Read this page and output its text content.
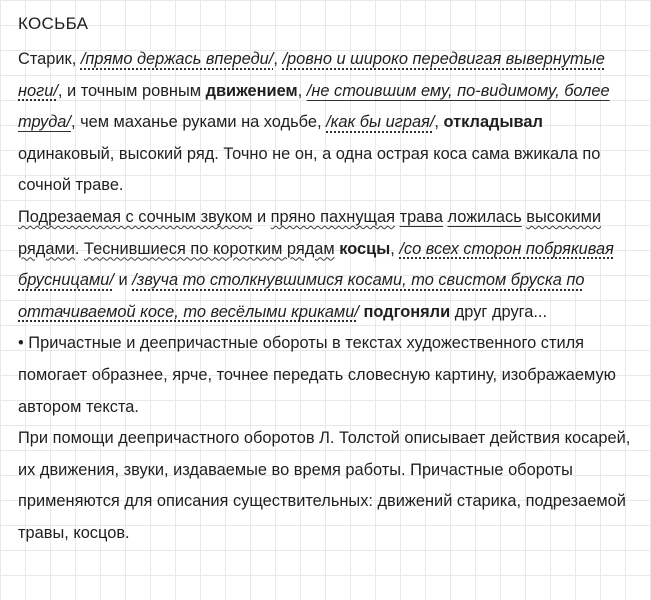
КОСЬБА

Старик, /прямо держась впереди/, /ровно и широко передвигая вывернутые ноги/, и точным ровным движением, /не стоившим ему, по-видимому, более труда/, чем маханье руками на ходьбе, /как бы играя/, откладывал одинаковый, высокий ряд. Точно не он, а одна острая коса сама вжикала по сочной траве.

Подрезаемая с сочным звуком и пряно пахнущая трава ложилась высокими рядами. Теснившиеся по коротким рядам косцы, /со всех сторон побрякивая брусницами/ и /звуча то столкнувшимися косами, то свистом бруска по оттачиваемой косе, то весёлыми криками/ подгоняли друг друга...

• Причастные и деепричастные обороты в текстах художественного стиля помогает образнее, ярче, точнее передать словесную картину, изображаемую автором текста.

При помощи деепричастного оборотов Л. Толстой описывает действия косарей, их движения, звуки, издаваемые во время работы. Причастные обороты применяются для описания существительных: движений старика, подрезаемой травы, косцов.
